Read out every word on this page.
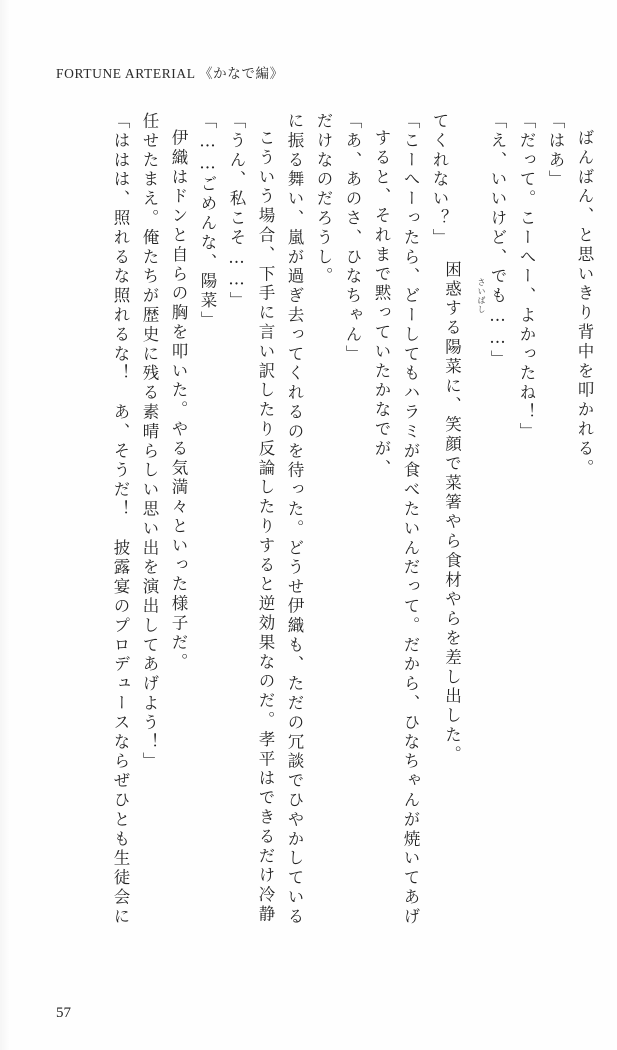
FORTUNE ARTERIAL 《かなで編》
「ははは、照れるな照れるな！　あ、そうだ！　披露宴のプロデュースならぜひとも生徒会に 任せたまえ。俺たちが歴史に残る素晴らしい思い出を演出してあげよう！」 伊織はドンと自らの胸を叩いた。やる気満々といった様子だ。 「……ごめんな、陽菜」 「うん、私こそ……」 こういう場合、下手に言い訳したり反論したりすると逆効果なのだ。孝平はできるだけ冷静 に振る舞い、嵐が過ぎ去ってくれるのを待った。どうせ伊織も、ただの冗談でひやかしている だけなのだろうし。 「あ、あのさ、ひなちゃん」 すると、それまで黙っていたかなでが、 「こーへーったら、どーしてもハラミが食べたいんだって。だから、ひなちゃんが焼いてあげ てくれない？」

困惑する陽菜に、笑顔で菜箸やら食材やらを差し出した。
さいばし

「え、いいけど、でも……」 「だって。こーへー、よかったね！」 「はあ」 ばんばん、と思いきり背中を叩かれる。
57
